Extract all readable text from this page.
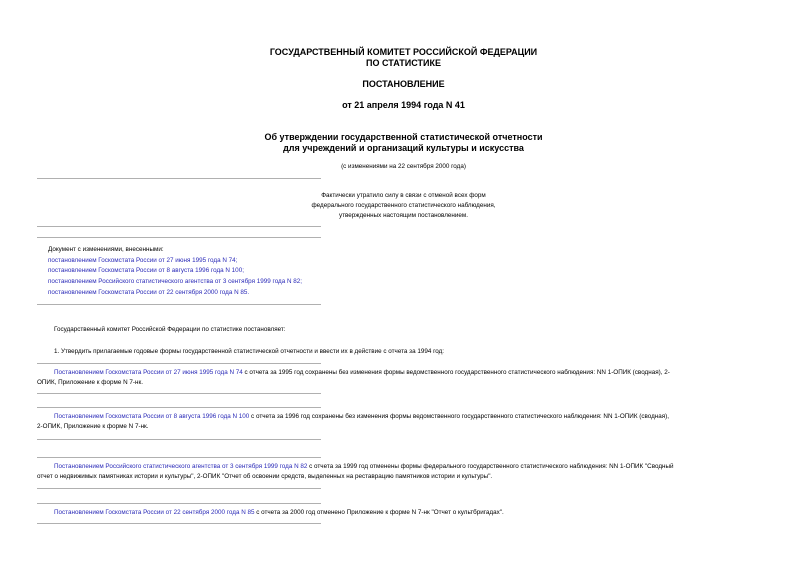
ГОСУДАРСТВЕННЫЙ КОМИТЕТ РОССИЙСКОЙ ФЕДЕРАЦИИ
ПО СТАТИСТИКЕ
ПОСТАНОВЛЕНИЕ
от 21 апреля 1994 года N 41
Об утверждении государственной статистической отчетности
для учреждений и организаций культуры и искусства
(с изменениями на 22 сентября 2000 года)
Фактически утратило силу в связи с отменой всех форм
федерального государственного статистического наблюдения,
утвержденных настоящим постановлением.
Документ с изменениями, внесенными:
постановлением Госкомстата России от 27 июня 1995 года N 74;
постановлением Госкомстата России от 8 августа 1996 года N 100;
постановлением Российского статистического агентства от 3 сентября 1999 года N 82;
постановлением Госкомстата России от 22 сентября 2000 года N 85.
Государственный комитет Российской Федерации по статистике постановляет:
1. Утвердить прилагаемые годовые формы государственной статистической отчетности и ввести их в действие с отчета за 1994 год:
Постановлением Госкомстата России от 27 июня 1995 года N 74 с отчета за 1995 год сохранены без изменения формы ведомственного государственного статистического наблюдения: NN 1-ОПИК (сводная), 2-
ОПИК, Приложение к форме N 7-нк.
Постановлением Госкомстата России от 8 августа 1996 года N 100 с отчета за 1996 год сохранены без изменения формы ведомственного государственного статистического наблюдения: NN 1-ОПИК (сводная),
2-ОПИК, Приложение к форме N 7-нк.
Постановлением Российского статистического агентства от 3 сентября 1999 года N 82 с отчета за 1999 год отменены формы федерального государственного статистического наблюдения: NN 1-ОПИК "Сводный
отчет о недвижимых памятниках истории и культуры", 2-ОПИК "Отчет об освоении средств, выделенных на реставрацию памятников истории и культуры".
Постановлением Госкомстата России от 22 сентября 2000 года N 85 с отчета за 2000 год отменено Приложение к форме N 7-нк "Отчет о культбригадах".
